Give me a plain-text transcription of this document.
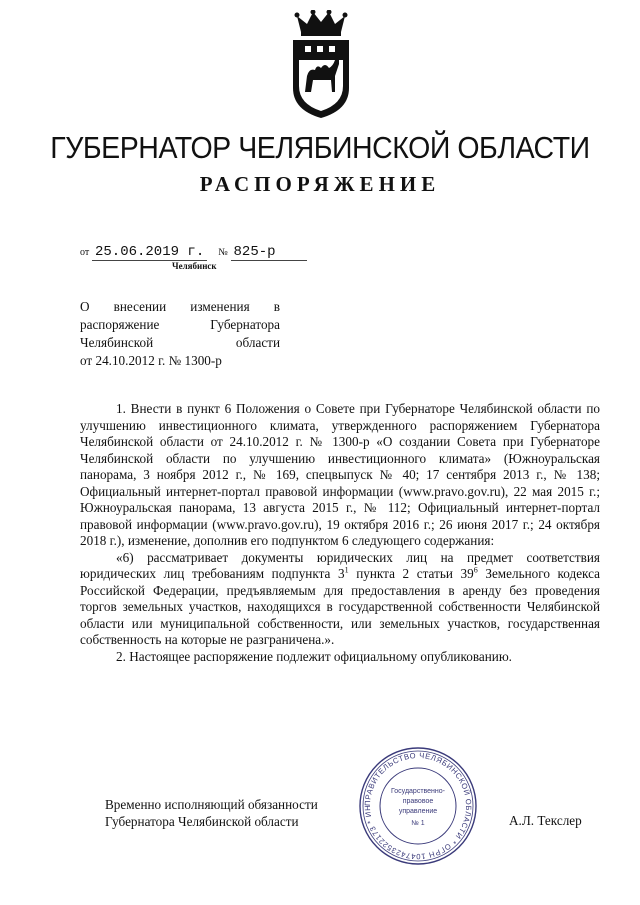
ГУБЕРНАТОР ЧЕЛЯБИНСКОЙ ОБЛАСТИ
РАСПОРЯЖЕНИЕ
от 25.06.2019 г. № 825-р
Челябинск
О внесении изменения в
распоряжение Губернатора
Челябинской области
от 24.10.2012 г. № 1300-р

1. Внести в пункт 6 Положения о Совете при Губернаторе Челябинской области по улучшению инвестиционного климата, утвержденного распоряжением Губернатора Челябинской области от 24.10.2012 г. № 1300-р «О создании Совета при Губернаторе Челябинской области по улучшению инвестиционного климата» (Южноуральская панорама, 3 ноября 2012 г., № 169, спецвыпуск № 40; 17 сентября 2013 г., № 138; Официальный интернет-портал правовой информации (www.pravo.gov.ru), 22 мая 2015 г.; Южноуральская панорама, 13 августа 2015 г., № 112; Официальный интернет-портал правовой информации (www.pravo.gov.ru), 19 октября 2016 г.; 26 июня 2017 г.; 24 октября 2018 г.), изменение, дополнив его подпунктом 6 следующего содержания:

«6) рассматривает документы юридических лиц на предмет соответствия юридических лиц требованиям подпункта $3^1$ пункта 2 статьи $39^6$ Земельного кодекса Российской Федерации, предъявляемым для предоставления в аренду без проведения торгов земельных участков, находящихся в государственной собственности Челябинской области или муниципальной собственности, или земельных участков, государственная собственность на которые не разграничена.».

2. Настоящее распоряжение подлежит официальному опубликованию.

Временно исполняющий обязанности
Губернатора Челябинской области
ПРАВИТЕЛЬСТВО ЧЕЛЯБИНСКОЙ ОБЛАСТИ * ОГРН 1047423522173 * ИН
Государственно-
правовое
управление
№ 1	А.Л. Текслер
